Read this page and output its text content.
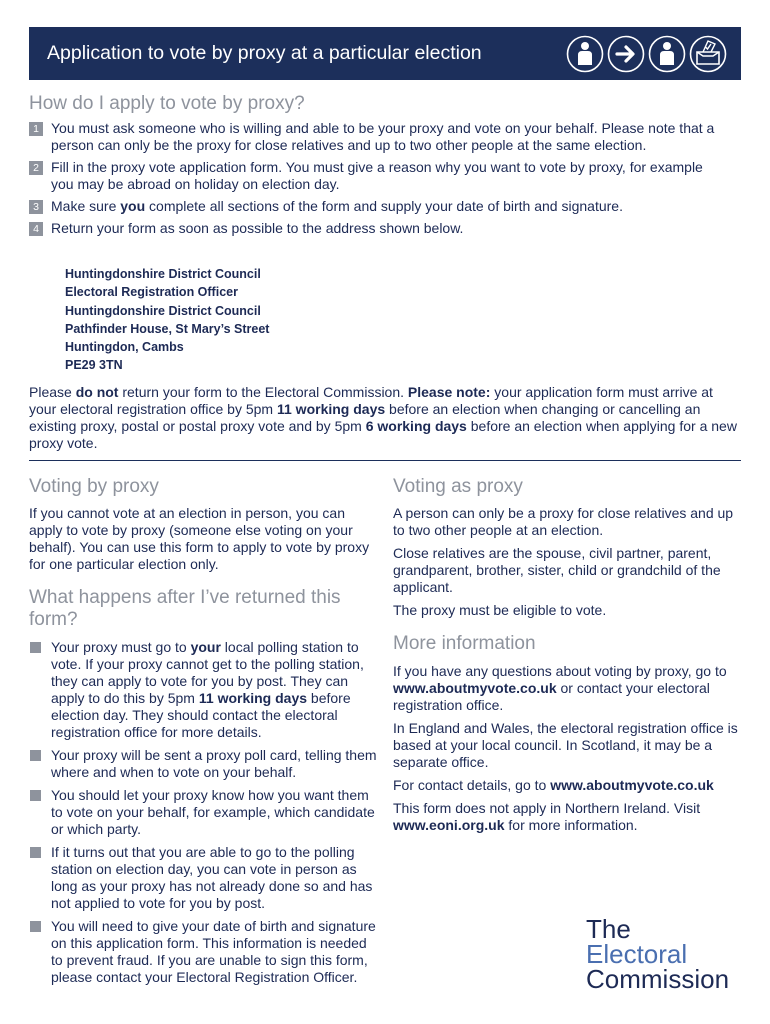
Application to vote by proxy at a particular election
How do I apply to vote by proxy?
1 You must ask someone who is willing and able to be your proxy and vote on your behalf. Please note that a person can only be the proxy for close relatives and up to two other people at the same election.
2 Fill in the proxy vote application form. You must give a reason why you want to vote by proxy, for example you may be abroad on holiday on election day.
3 Make sure you complete all sections of the form and supply your date of birth and signature.
4 Return your form as soon as possible to the address shown below.
Huntingdonshire District Council
Electoral Registration Officer
Huntingdonshire District Council
Pathfinder House, St Mary’s Street
Huntingdon, Cambs
PE29 3TN
Please do not return your form to the Electoral Commission. Please note: your application form must arrive at your electoral registration office by 5pm 11 working days before an election when changing or cancelling an existing proxy, postal or postal proxy vote and by 5pm 6 working days before an election when applying for a new proxy vote.
Voting by proxy
If you cannot vote at an election in person, you can apply to vote by proxy (someone else voting on your behalf). You can use this form to apply to vote by proxy for one particular election only.
What happens after I’ve returned this form?
Your proxy must go to your local polling station to vote. If your proxy cannot get to the polling station, they can apply to vote for you by post. They can apply to do this by 5pm 11 working days before election day. They should contact the electoral registration office for more details.
Your proxy will be sent a proxy poll card, telling them where and when to vote on your behalf.
You should let your proxy know how you want them to vote on your behalf, for example, which candidate or which party.
If it turns out that you are able to go to the polling station on election day, you can vote in person as long as your proxy has not already done so and has not applied to vote for you by post.
You will need to give your date of birth and signature on this application form. This information is needed to prevent fraud. If you are unable to sign this form, please contact your Electoral Registration Officer.
Voting as proxy
A person can only be a proxy for close relatives and up to two other people at an election.
Close relatives are the spouse, civil partner, parent, grandparent, brother, sister, child or grandchild of the applicant.
The proxy must be eligible to vote.
More information
If you have any questions about voting by proxy, go to www.aboutmyvote.co.uk or contact your electoral registration office.
In England and Wales, the electoral registration office is based at your local council. In Scotland, it may be a separate office.
For contact details, go to www.aboutmyvote.co.uk
This form does not apply in Northern Ireland. Visit www.eoni.org.uk for more information.
The
Electoral
Commission
